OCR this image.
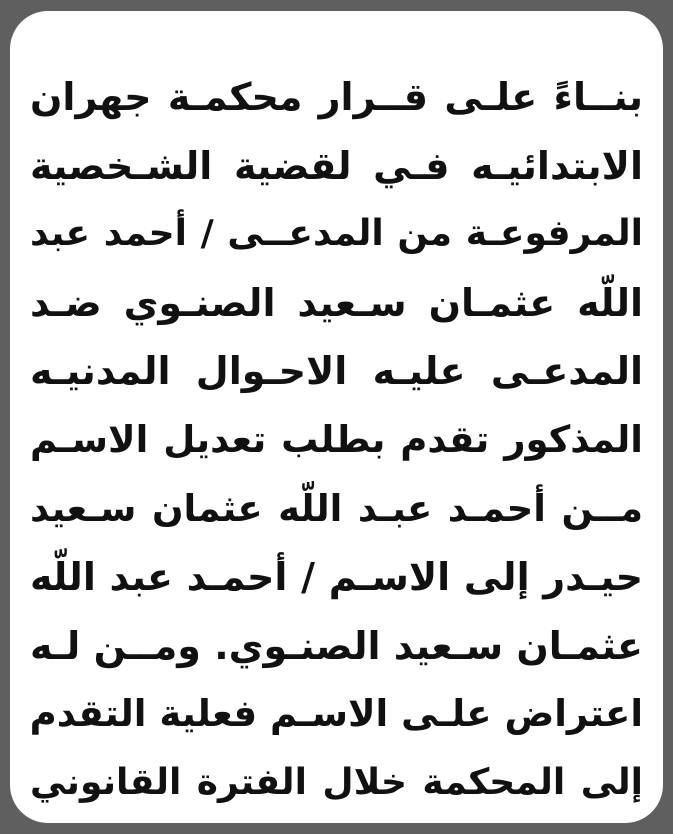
بنــاءً علـى قــرار محكمـة جهران
الابتدائيـه فـي لقضية الشـخصية
المرفوعـة من المدعــى / أحمد عبد
اللّه عثمـان سـعيد الصنـوي ضـد
المدعـى عليـه الاحـوال المدنيـه
المذكور تقدم بطلب تعديل الاسـم
مــن أحمـد عبـد اللّه عثمان سـعيد
حيـدر إلى الاسـم / أحمـد عبد اللّه
عثمـان سـعيد الصنـوي. ومــن لـه
اعتراض علـى الاسـم فعلية التقدم
إلى المحكمة خلال الفترة القانوني
